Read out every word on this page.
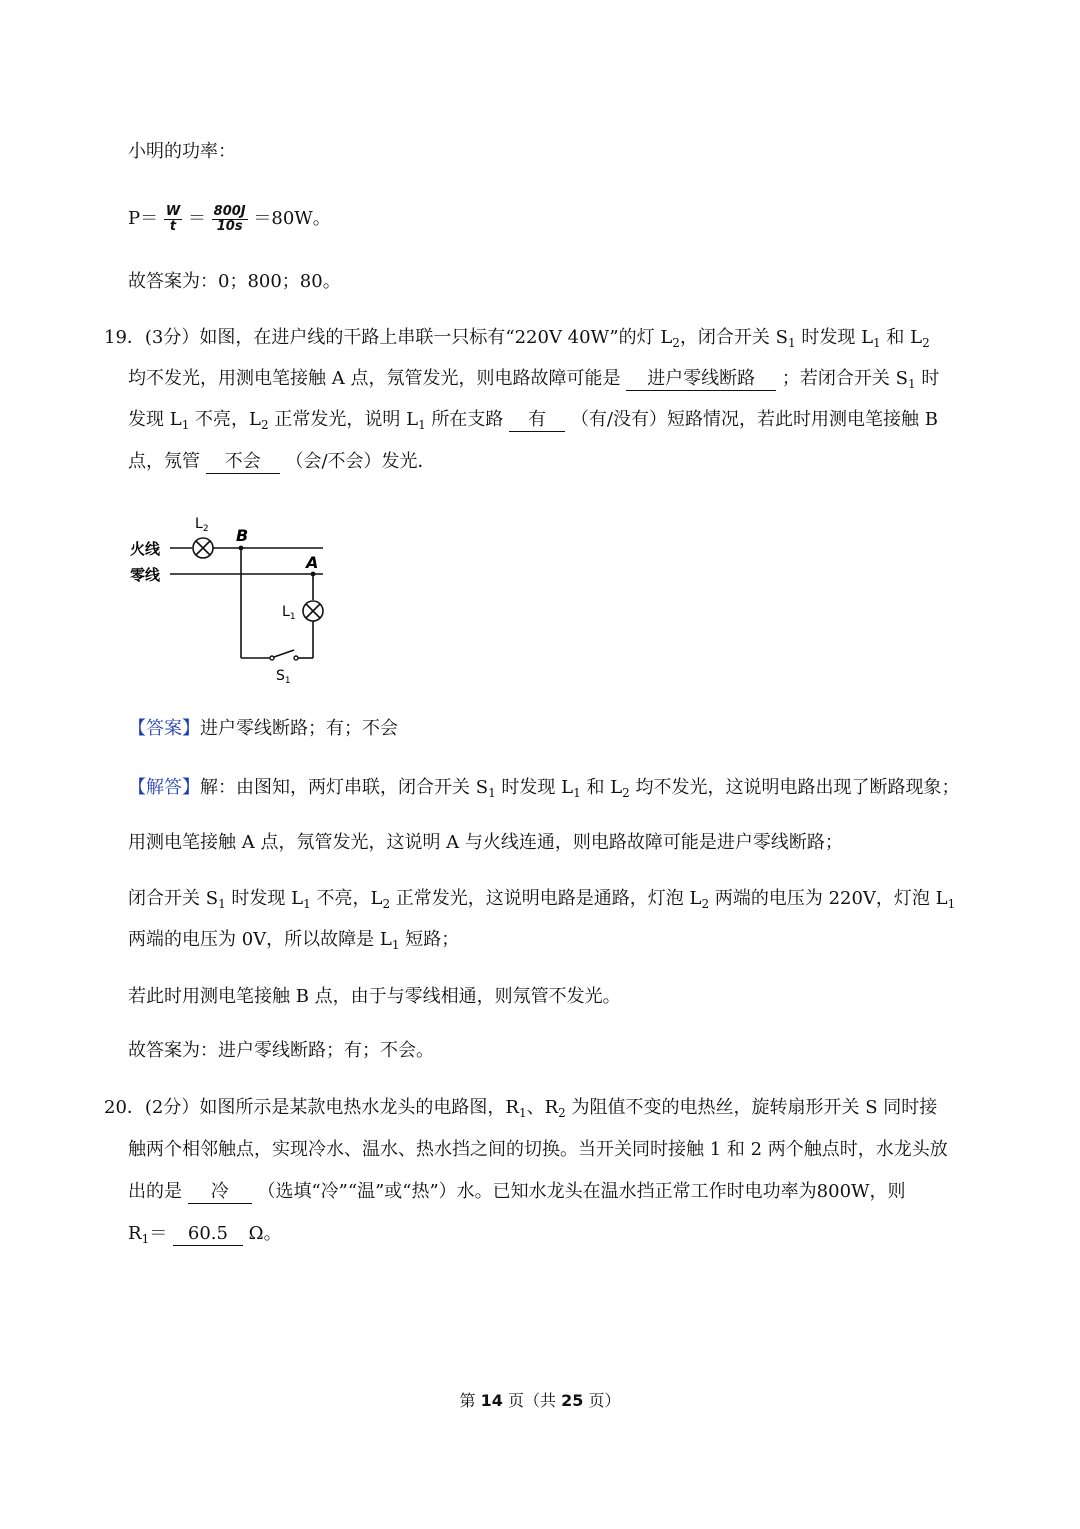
小明的功率：
$P= \frac{W}{t} = \frac{800J}{10s} =80W$。
故答案为：0；800；80。
19．(3分）如图，在进户线的干路上串联一只标有“220V 40W”的灯 $L_2$，闭合开关 $S_1$ 时发现 $L_1$ 和 $L_2$
均不发光，用测电笔接触 A 点，氖管发光，则电路故障可能是 进户零线断路 ；若闭合开关 $S_1$ 时
发现 $L_1$ 不亮，$L_2$ 正常发光，说明 $L_1$ 所在支路 有 （有/没有）短路情况，若此时用测电笔接触 B
点，氖管 不会 （会/不会）发光．
火线
$L_2$ B
零线
A
$S_1$
$L_1$
【答案】进户零线断路；有；不会
【解答】解：由图知，两灯串联，闭合开关 $S_1$ 时发现 $L_1$ 和 $L_2$ 均不发光，这说明电路出现了断路现象；
用测电笔接触 A 点，氖管发光，这说明 A 与火线连通，则电路故障可能是进户零线断路；
闭合开关 $S_1$ 时发现 $L_1$ 不亮，$L_2$ 正常发光，这说明电路是通路，灯泡 $L_2$ 两端的电压为 220V，灯泡 $L_1$
两端的电压为 0V，所以故障是 $L_1$ 短路；
若此时用测电笔接触 B 点，由于与零线相通，则氖管不发光。
故答案为：进户零线断路；有；不会。
20．(2分）如图所示是某款电热水龙头的电路图，$R_1$、$R_2$ 为阻值不变的电热丝，旋转扇形开关 S 同时接
触两个相邻触点，实现冷水、温水、热水挡之间的切换。当开关同时接触 1 和 2 两个触点时，水龙头放
出的是 冷 （选填“冷”“温”或“热”）水。已知水龙头在温水挡正常工作时电功率为800W，则
$R_1= 60.5$ Ω。
第 14 页（共 25 页）
